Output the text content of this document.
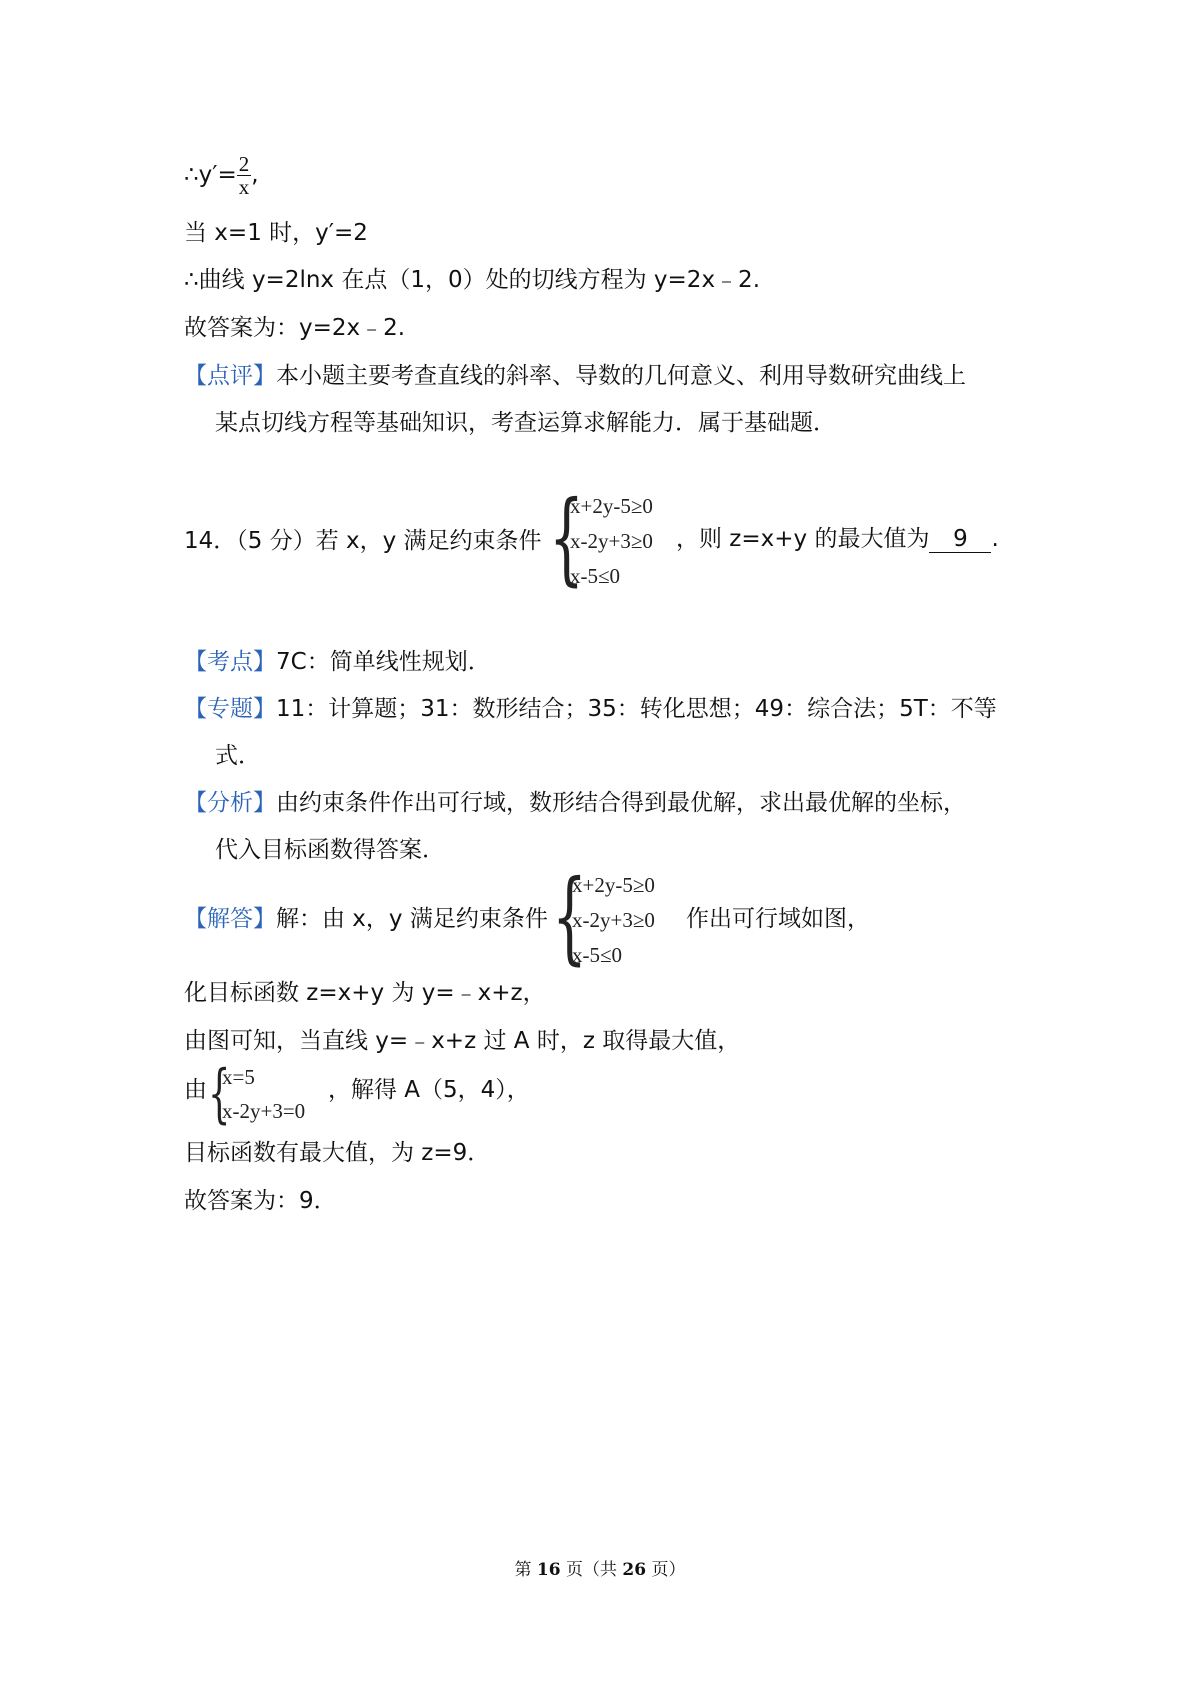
∴y′= $\frac{2}{x}$ ,
当 x=1 时，y′=2
∴曲线 y=2lnx 在点（1，0）处的切线方程为 y=2x﹣2.
故答案为：y=2x﹣2.
【点评】本小题主要考查直线的斜率、导数的几何意义、利用导数研究曲线上
某点切线方程等基础知识，考查运算求解能力．属于基础题．
14．（5 分）若 x，y 满足约束条件 {
x+2y-5≥0
x-2y+3≥0
x-5≤0
，则 z=x+y 的最大值为 9 .
【考点】7C：简单线性规划．
【专题】11：计算题；31：数形结合；35：转化思想；49：综合法；5T：不等
式．
【分析】由约束条件作出可行域，数形结合得到最优解，求出最优解的坐标，
代入目标函数得答案．
【解答】解：由 x，y 满足约束条件 {
x+2y-5≥0
x-2y+3≥0
x-5≤0
作出可行域如图，
化目标函数 z=x+y 为 y=﹣x+z，
由图可知，当直线 y=﹣x+z 过 A 时，z 取得最大值，
由 {
x=5
x-2y+3=0
，解得 A（5，4），
目标函数有最大值，为 z=9．
故答案为：9．
第 16 页（共 26 页）
